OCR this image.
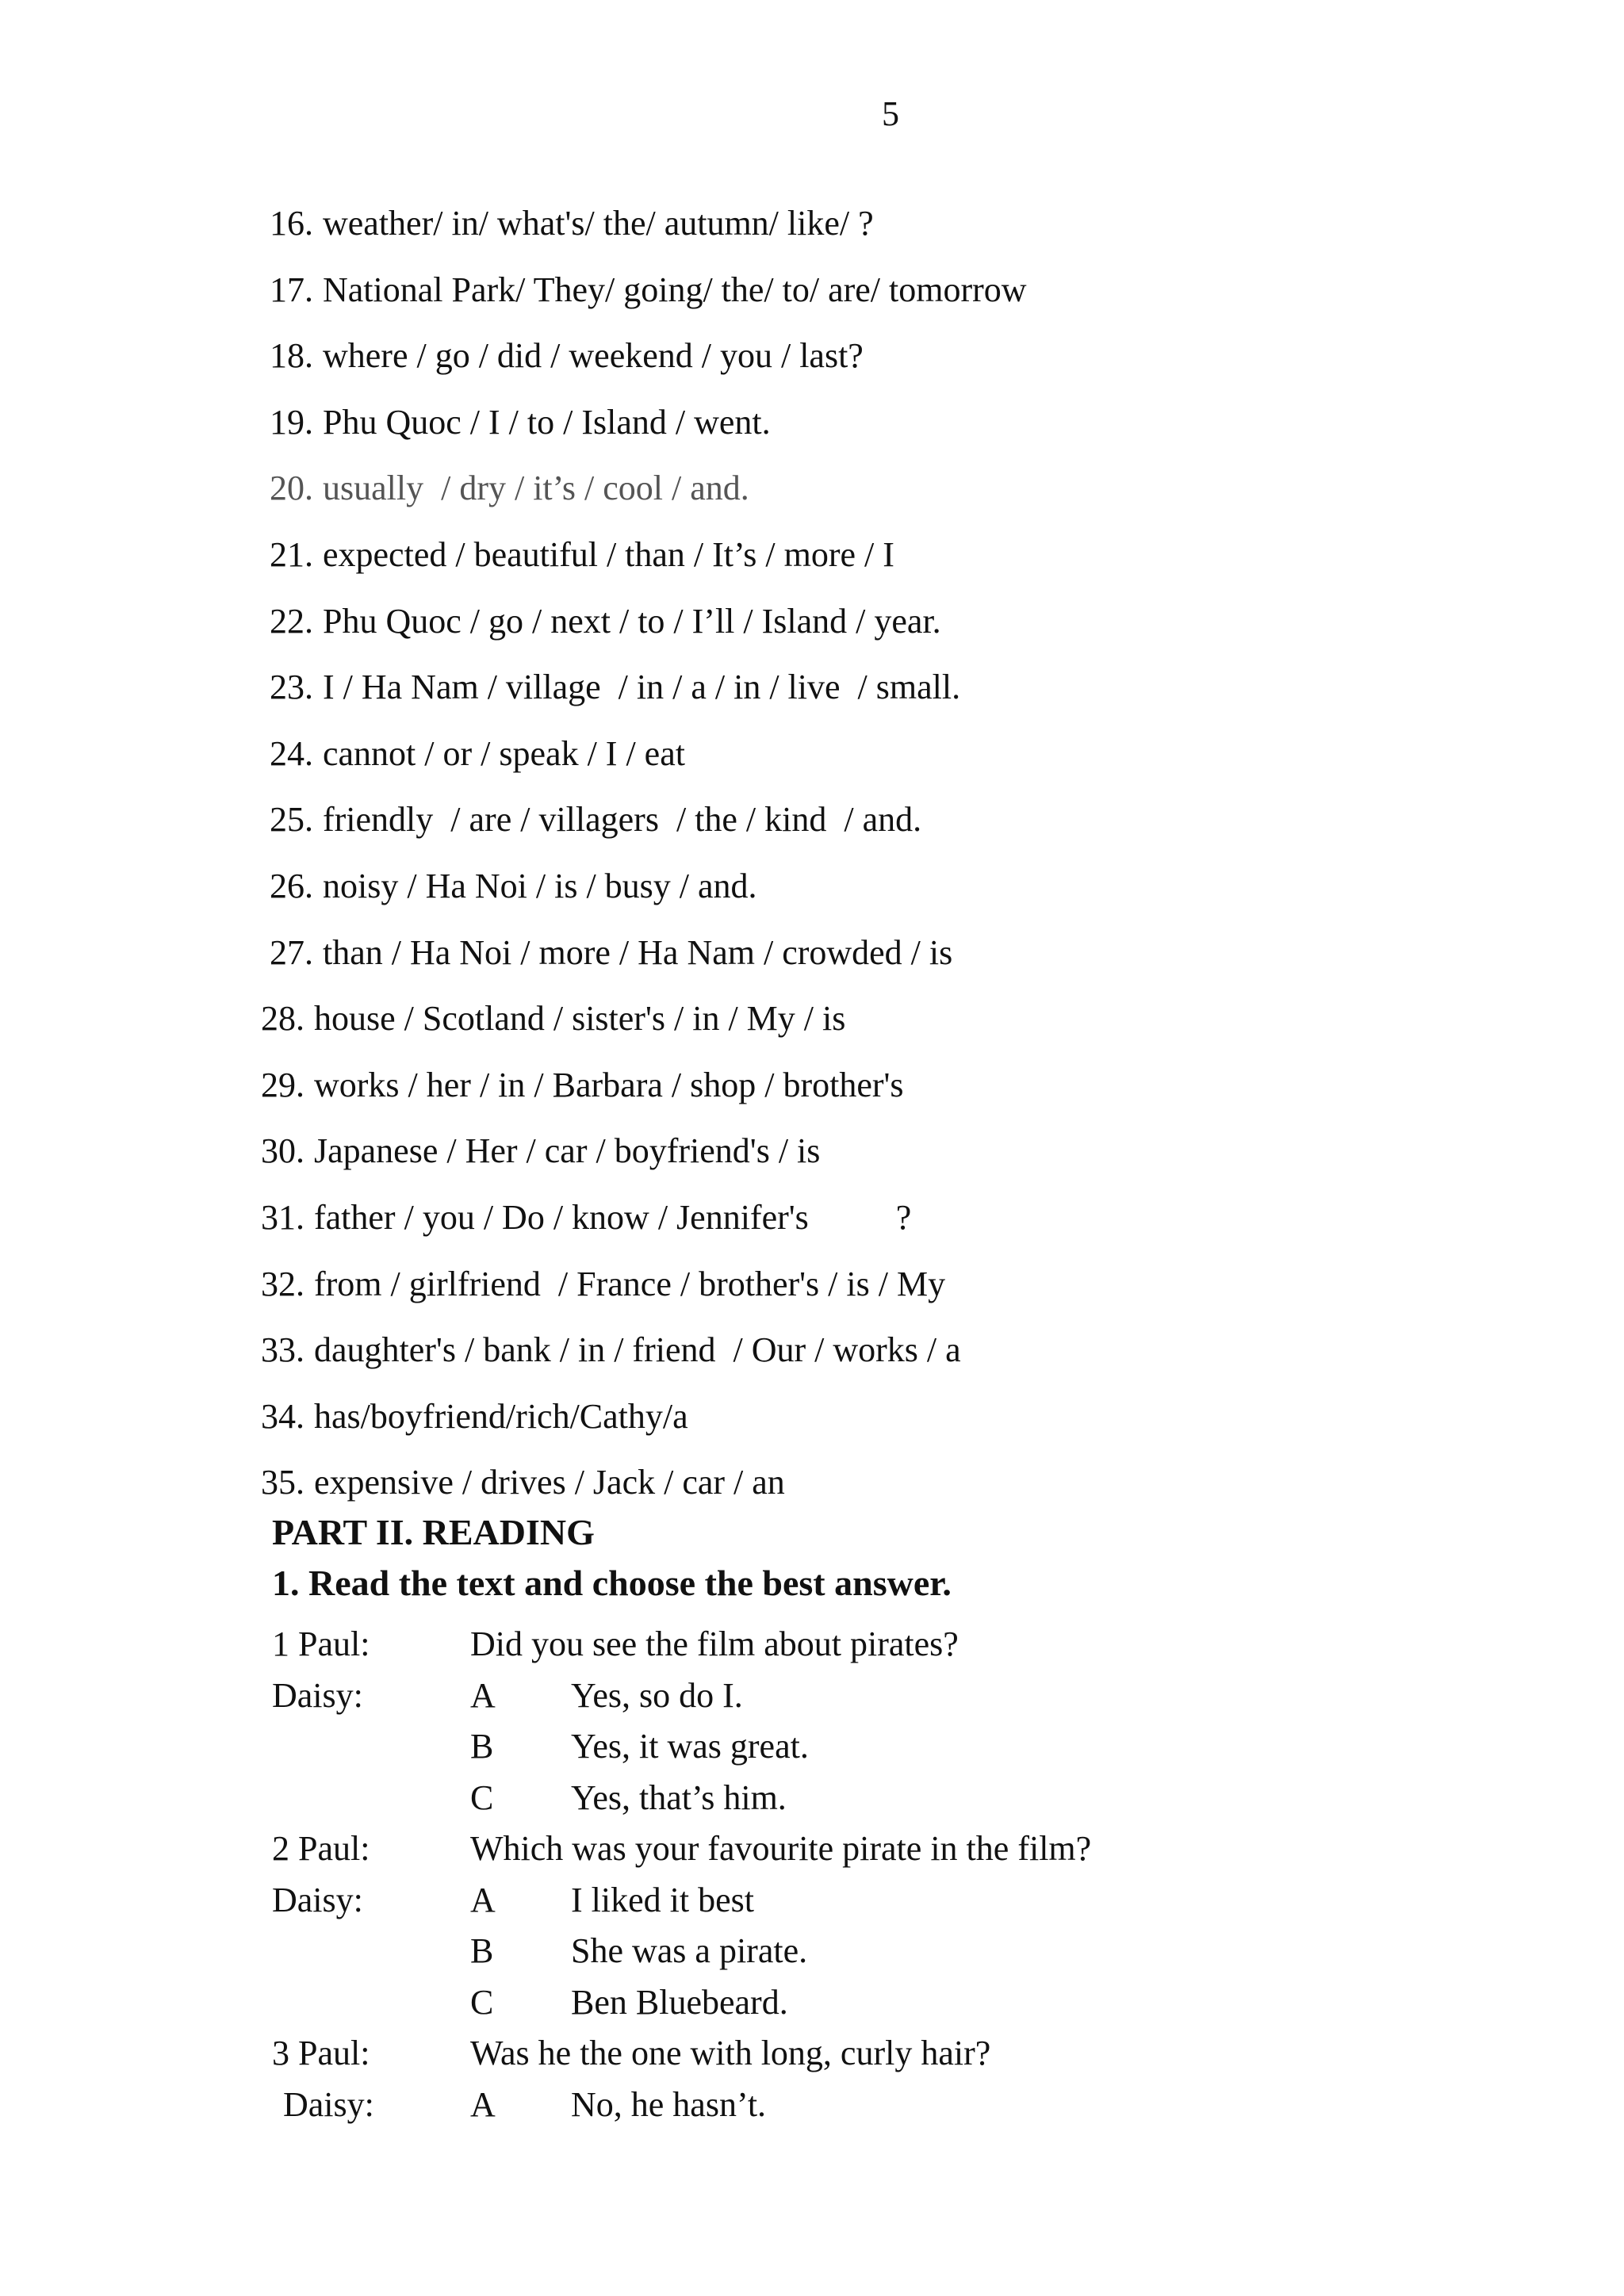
5
16. weather/ in/ what's/ the/ autumn/ like/ ?
17. National Park/ They/ going/ the/ to/ are/ tomorrow
18. where / go / did / weekend / you / last?
19. Phu Quoc / I / to / Island / went.
20. usually  / dry / it’s / cool / and.
21. expected / beautiful / than / It’s / more / I
22. Phu Quoc / go / next / to / I’ll / Island / year.
23. I / Ha Nam / village  / in / a / in / live  / small.
24. cannot / or / speak / I / eat
25. friendly  / are / villagers  / the / kind  / and.
26. noisy / Ha Noi / is / busy / and.
27. than / Ha Noi / more / Ha Nam / crowded / is
28. house / Scotland / sister's / in / My / is
29. works / her / in / Barbara / shop / brother's
30. Japanese / Her / car / boyfriend's / is
31. father / you / Do / know / Jennifer's          ?
32. from / girlfriend  / France / brother's / is / My
33. daughter's / bank / in / friend  / Our / works / a
34. has/boyfriend/rich/Cathy/a
35. expensive / drives / Jack / car / an
PART II. READING
1. Read the text and choose the best answer.
1 Paul:	Did you see the film about pirates?
Daisy:	A Yes, so do I.
B Yes, it was great.
C Yes, that’s him.
2 Paul:	Which was your favourite pirate in the film?
Daisy:	A I liked it best
B She was a pirate.
C Ben Bluebeard.
3 Paul:	Was he the one with long, curly hair?
Daisy:	A No, he hasn’t.
